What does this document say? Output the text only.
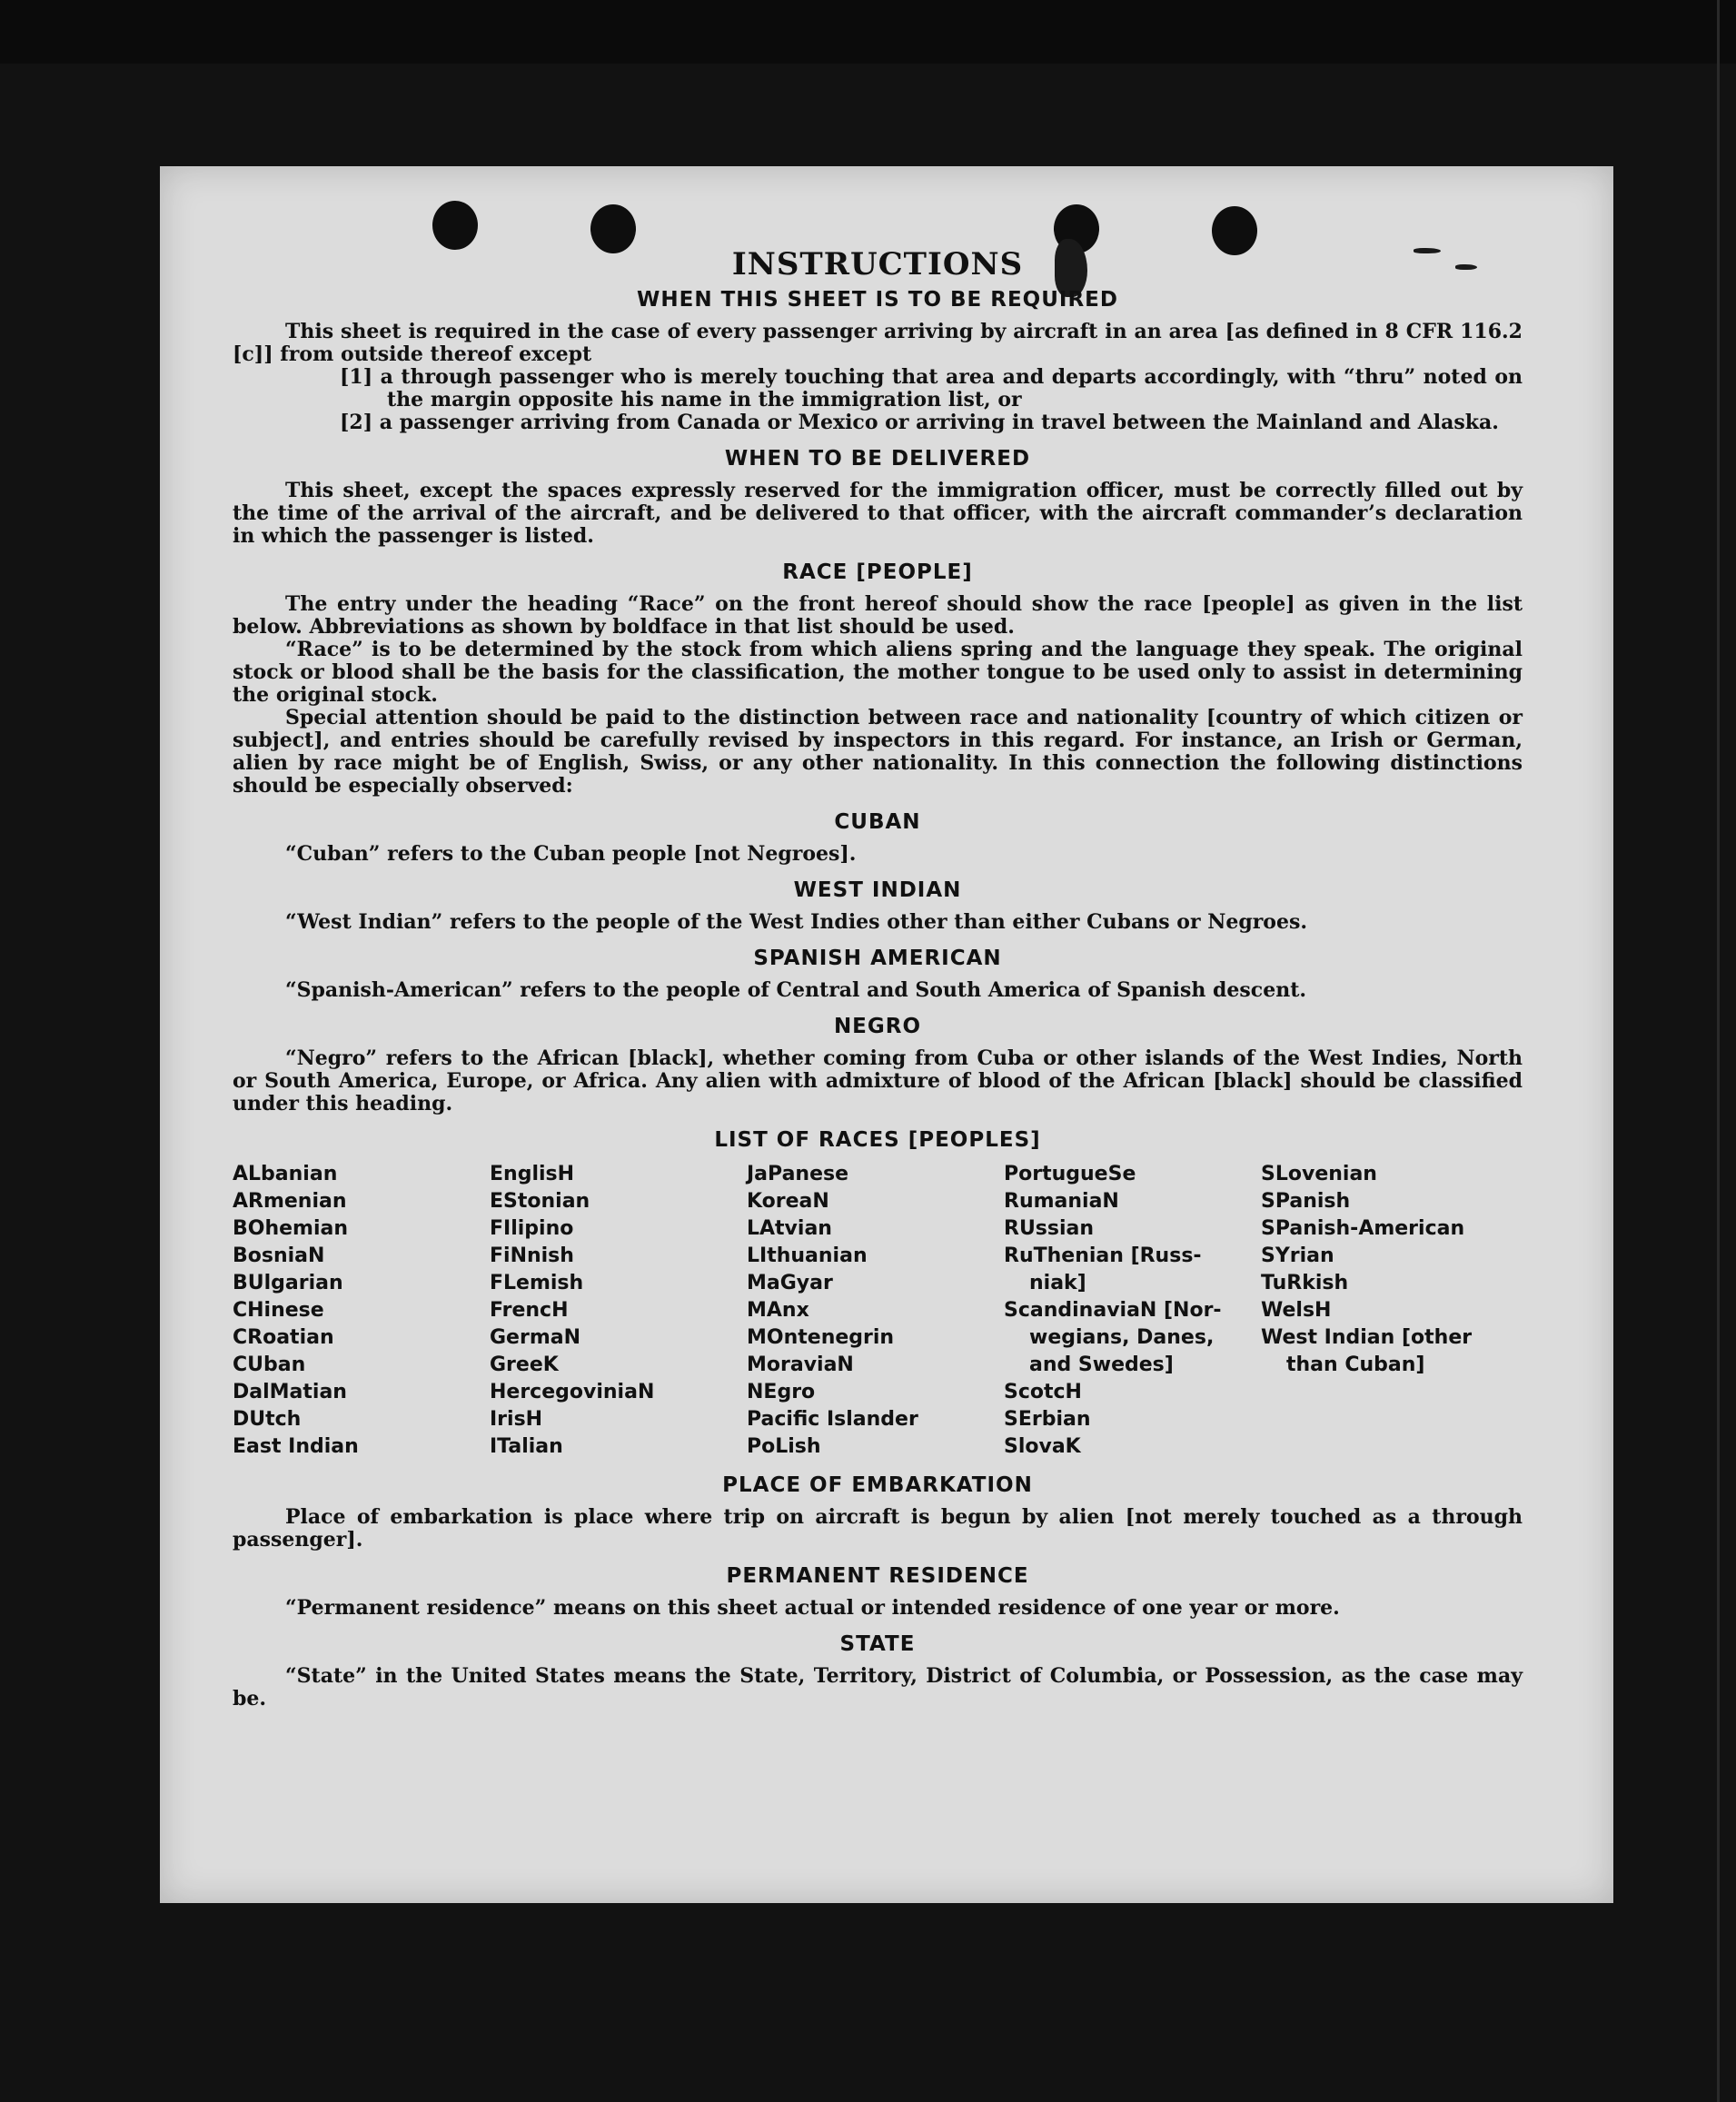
INSTRUCTIONS
WHEN THIS SHEET IS TO BE REQUIRED

This sheet is required in the case of every passenger arriving by aircraft in an area [as defined in 8 CFR 116.2 [c]] from outside thereof except

[1] a through passenger who is merely touching that area and departs accordingly, with “thru” noted on the margin opposite his name in the immigration list, or
[2] a passenger arriving from Canada or Mexico or arriving in travel between the Mainland and Alaska.
WHEN TO BE DELIVERED

This sheet, except the spaces expressly reserved for the immigration officer, must be correctly filled out by the time of the arrival of the aircraft, and be delivered to that officer, with the aircraft commander’s declaration in which the passenger is listed.

RACE [PEOPLE]

The entry under the heading “Race” on the front hereof should show the race [people] as given in the list below. Abbreviations as shown by boldface in that list should be used.

“Race” is to be determined by the stock from which aliens spring and the language they speak. The original stock or blood shall be the basis for the classification, the mother tongue to be used only to assist in determining the original stock.

Special attention should be paid to the distinction between race and nationality [country of which citizen or subject], and entries should be carefully revised by inspectors in this regard. For instance, an Irish or German, alien by race might be of English, Swiss, or any other nationality. In this connection the following distinctions should be especially observed:

CUBAN

“Cuban” refers to the Cuban people [not Negroes].

WEST INDIAN

“West Indian” refers to the people of the West Indies other than either Cubans or Negroes.

SPANISH AMERICAN

“Spanish-American” refers to the people of Central and South America of Spanish descent.

NEGRO

“Negro” refers to the African [black], whether coming from Cuba or other islands of the West Indies, North or South America, Europe, or Africa. Any alien with admixture of blood of the African [black] should be classified under this heading.

LIST OF RACES [PEOPLES]
ALbanian
ARmenian
BOhemian
BosniaN
BUlgarian
CHinese
CRoatian
CUban
DalMatian
DUtch
East Indian
EnglisH
EStonian
FIlipino
FiNnish
FLemish
FrencH
GermaN
GreeK
HercegovinіaN
IrisH
ITalian
JaPanese
KoreaN
LAtvian
LIthuanian
MaGyar
MAnx
MOntenegrin
MoraviaN
NEgro
Pacific Islander
PoLish
PortugueSe
RumaniaN
RUssian
RuThenian [Russ-
niak]
ScandinaviaN [Nor-
wegians, Danes,
and Swedes]
ScotcH
SErbian
SlovaK
SLovenian
SPanish
SPanish-American
SYrian
TuRkish
WelsH
West Indian [other
than Cuban]
PLACE OF EMBARKATION

Place of embarkation is place where trip on aircraft is begun by alien [not merely touched as a through passenger].

PERMANENT RESIDENCE

“Permanent residence” means on this sheet actual or intended residence of one year or more.

STATE

“State” in the United States means the State, Territory, District of Columbia, or Possession, as the case may be.
